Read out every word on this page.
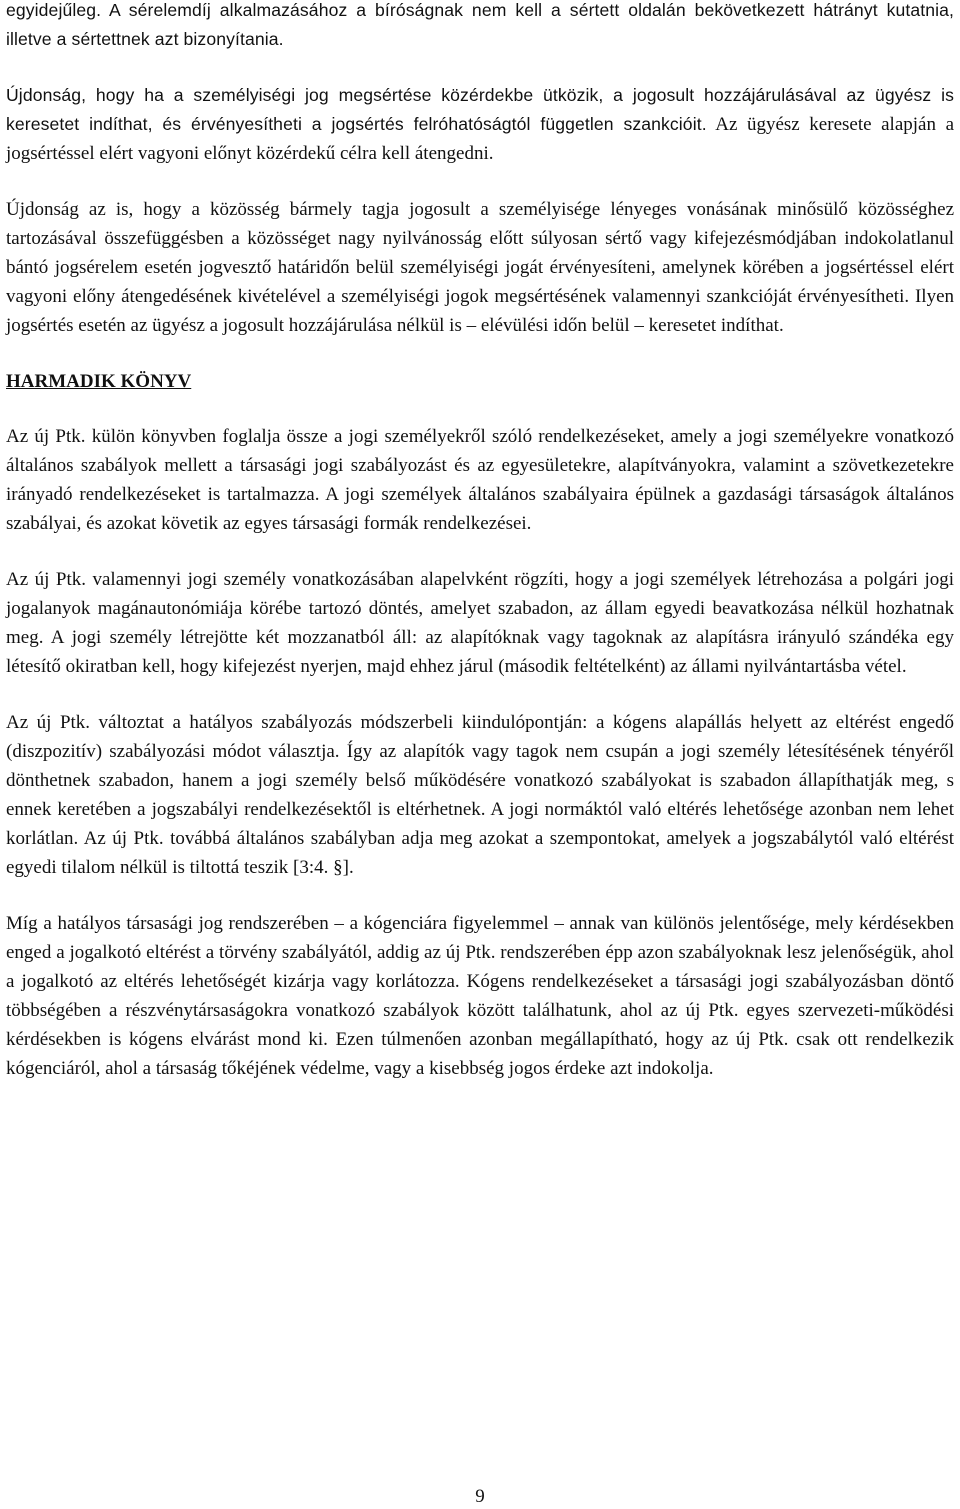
egyidejűleg. A sérelemdíj alkalmazásához a bíróságnak nem kell a sértett oldalán bekövetkezett hátrányt kutatnia, illetve a sértettnek azt bizonyítania.

Újdonság, hogy ha a személyiségi jog megsértése közérdekbe ütközik, a jogosult hozzájárulásával az ügyész is keresetet indíthat, és érvényesítheti a jogsértés felróhatóságtól független szankcióit. Az ügyész keresete alapján a jogsértéssel elért vagyoni előnyt közérdekű célra kell átengedni.

Újdonság az is, hogy a közösség bármely tagja jogosult a személyisége lényeges vonásának minősülő közösséghez tartozásával összefüggésben a közösséget nagy nyilvánosság előtt súlyosan sértő vagy kifejezésmódjában indokolatlanul bántó jogsérelem esetén jogvesztő határidőn belül személyiségi jogát érvényesíteni, amelynek körében a jogsértéssel elért vagyoni előny átengedésének kivételével a személyiségi jogok megsértésének valamennyi szankcióját érvényesítheti. Ilyen jogsértés esetén az ügyész a jogosult hozzájárulása nélkül is – elévülési időn belül – keresetet indíthat.

HARMADIK KÖNYV

Az új Ptk. külön könyvben foglalja össze a jogi személyekről szóló rendelkezéseket, amely a jogi személyekre vonatkozó általános szabályok mellett a társasági jogi szabályozást és az egyesületekre, alapítványokra, valamint a szövetkezetekre irányadó rendelkezéseket is tartalmazza. A jogi személyek általános szabályaira épülnek a gazdasági társaságok általános szabályai, és azokat követik az egyes társasági formák rendelkezései.

Az új Ptk. valamennyi jogi személy vonatkozásában alapelvként rögzíti, hogy a jogi személyek létrehozása a polgári jogi jogalanyok magánautonómiája körébe tartozó döntés, amelyet szabadon, az állam egyedi beavatkozása nélkül hozhatnak meg. A jogi személy létrejötte két mozzanatból áll: az alapítóknak vagy tagoknak az alapításra irányuló szándéka egy létesítő okiratban kell, hogy kifejezést nyerjen, majd ehhez járul (második feltételként) az állami nyilvántartásba vétel.

Az új Ptk. változtat a hatályos szabályozás módszerbeli kiindulópontján: a kógens alapállás helyett az eltérést engedő (diszpozitív) szabályozási módot választja. Így az alapítók vagy tagok nem csupán a jogi személy létesítésének tényéről dönthetnek szabadon, hanem a jogi személy belső működésére vonatkozó szabályokat is szabadon állapíthatják meg, s ennek keretében a jogszabályi rendelkezésektől is eltérhetnek. A jogi normáktól való eltérés lehetősége azonban nem lehet korlátlan. Az új Ptk. továbbá általános szabályban adja meg azokat a szempontokat, amelyek a jogszabálytól való eltérést egyedi tilalom nélkül is tiltottá teszik [3:4. §].

Míg a hatályos társasági jog rendszerében – a kógenciára figyelemmel – annak van különös jelentősége, mely kérdésekben enged a jogalkotó eltérést a törvény szabályától, addig az új Ptk. rendszerében épp azon szabályoknak lesz jelenőségük, ahol a jogalkotó az eltérés lehetőségét kizárja vagy korlátozza. Kógens rendelkezéseket a társasági jogi szabályozásban döntő többségében a részvénytársaságokra vonatkozó szabályok között találhatunk, ahol az új Ptk. egyes szervezeti-működési kérdésekben is kógens elvárást mond ki. Ezen túlmenően azonban megállapítható, hogy az új Ptk. csak ott rendelkezik kógenciáról, ahol a társaság tőkéjének védelme, vagy a kisebbség jogos érdeke azt indokolja.

9
